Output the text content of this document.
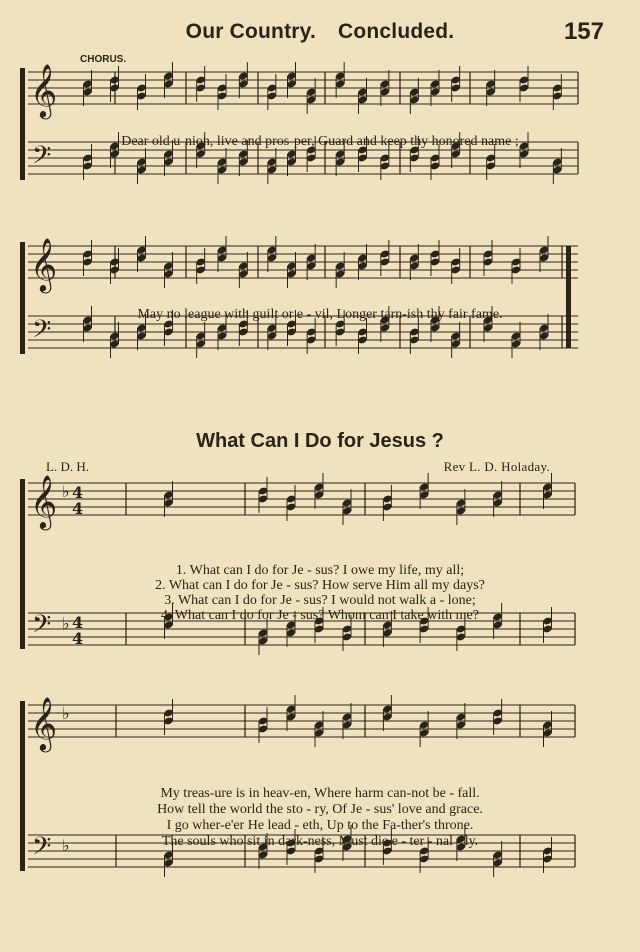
Our Country. Concluded.	157
CHORUS.
𝄞
𝄢
𝄞
𝄢
𝄞
𝄢
♭
♭
4
4
4
4
𝄞
𝄢
♭
♭
Dear old u-nion, live and pros-per, Guard and keep thy honored name ;
May no league with guilt or e - vil, Longer tarn-ish thy fair fame.
What Can I Do for Jesus ?
L. D. H.	Rev L. D. Holaday.
1. What can I do for Je - sus? I owe my life, my all;
2. What can I do for Je - sus? How serve Him all my days?
3. What can I do for Je - sus? I would not walk a - lone;
4. What can I do for Je - sus? Whom can I take with me?
My treas-ure is in heav-en, Where harm can-not be - fall.
How tell the world the sto - ry, Of Je - sus' love and grace.
I go wher-e'er He lead - eth, Up to the Fa-ther's throne.
The souls who sit in dark-ness, Must die e - ter - nal - ly.
